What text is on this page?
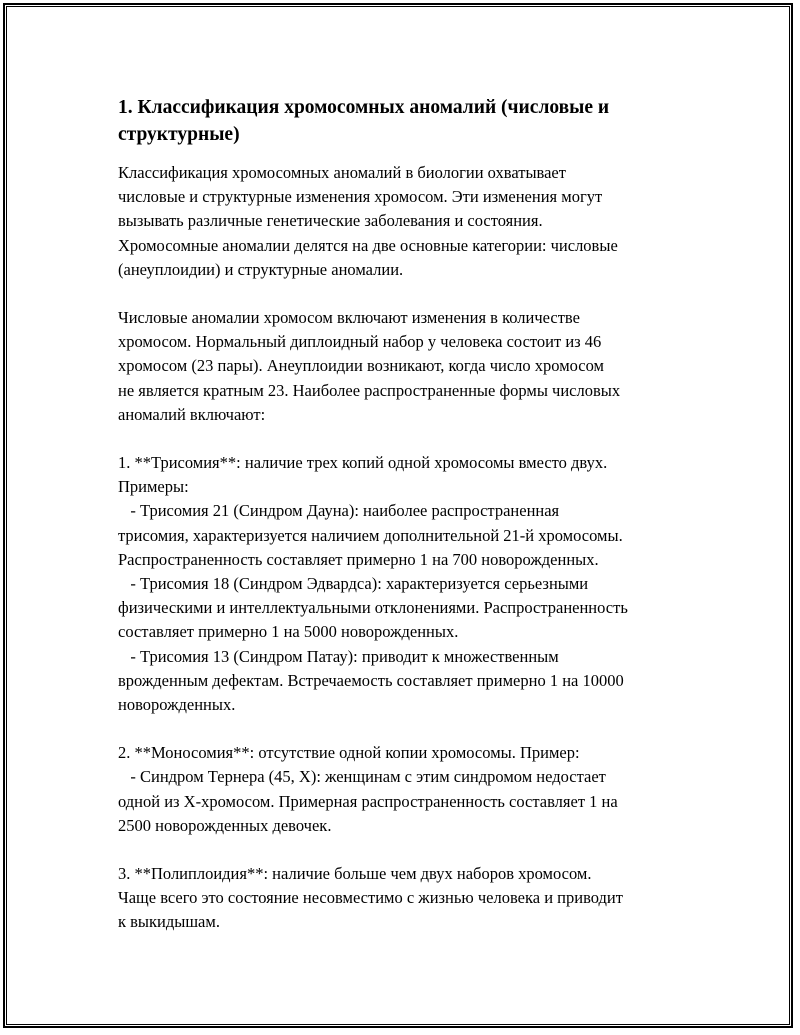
1. Классификация хромосомных аномалий (числовые и
структурные)

Классификация хромосомных аномалий в биологии охватывает
числовые и структурные изменения хромосом. Эти изменения могут
вызывать различные генетические заболевания и состояния.
Хромосомные аномалии делятся на две основные категории: числовые
(анеуплоидии) и структурные аномалии.

Числовые аномалии хромосом включают изменения в количестве
хромосом. Нормальный диплоидный набор у человека состоит из 46
хромосом (23 пары). Анеуплоидии возникают, когда число хромосом
не является кратным 23. Наиболее распространенные формы числовых
аномалий включают:

1. **Трисомия**: наличие трех копий одной хромосомы вместо двух.
Примеры:
- Трисомия 21 (Синдром Дауна): наиболее распространенная
трисомия, характеризуется наличием дополнительной 21-й хромосомы.
Распространенность составляет примерно 1 на 700 новорожденных.
- Трисомия 18 (Синдром Эдвардса): характеризуется серьезными
физическими и интеллектуальными отклонениями. Распространенность
составляет примерно 1 на 5000 новорожденных.
- Трисомия 13 (Синдром Патау): приводит к множественным
врожденным дефектам. Встречаемость составляет примерно 1 на 10000
новорожденных.

2. **Моносомия**: отсутствие одной копии хромосомы. Пример:
- Синдром Тернера (45, X): женщинам с этим синдромом недостает
одной из X-хромосом. Примерная распространенность составляет 1 на
2500 новорожденных девочек.

3. **Полиплоидия**: наличие больше чем двух наборов хромосом.
Чаще всего это состояние несовместимо с жизнью человека и приводит
к выкидышам.
